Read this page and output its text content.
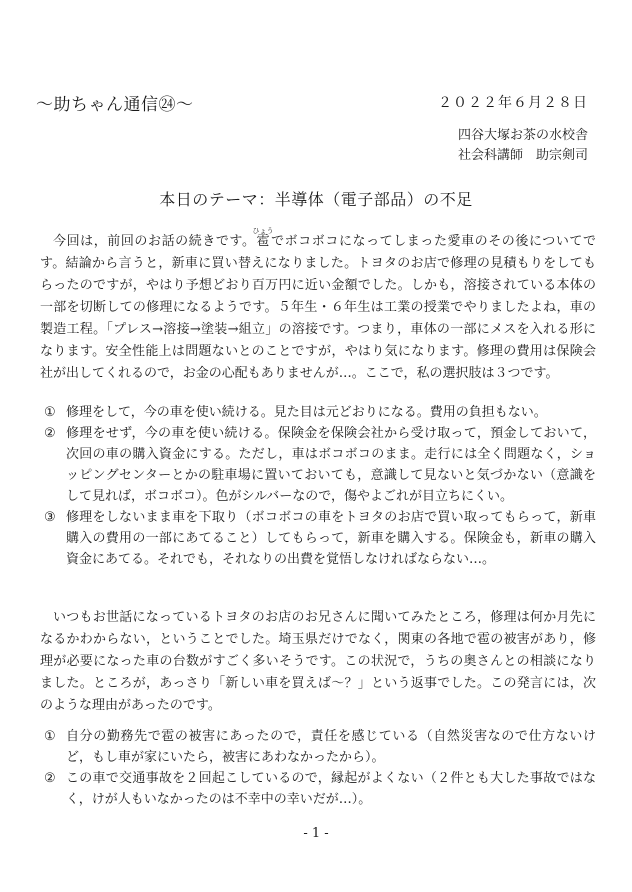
〜助ちゃん通信㉔〜	２０２２年６月２８日
四谷大塚お茶の水校舎
社会科講師　助宗剣司
本日のテーマ：半導体（電子部品）の不足
今回は，前回のお話の続きです。雹ひょうでボコボコになってしまった愛車のその後についてです。結論から言うと，新車に買い替えになりました。トヨタのお店で修理の見積もりをしてもらったのですが，やはり予想どおり百万円に近い金額でした。しかも，溶接されている本体の一部を切断しての修理になるようです。５年生・６年生は工業の授業でやりましたよね，車の製造工程。「プレス→溶接→塗装→組立」の溶接です。つまり，車体の一部にメスを入れる形になります。安全性能上は問題ないとのことですが，やはり気になります。修理の費用は保険会社が出してくれるので，お金の心配もありませんが…。ここで，私の選択肢は３つです。
① 修理をして，今の車を使い続ける。見た目は元どおりになる。費用の負担もない。
② 修理をせず，今の車を使い続ける。保険金を保険会社から受け取って，預金しておいて，次回の車の購入資金にする。ただし，車はボコボコのまま。走行には全く問題なく，ショッピングセンターとかの駐車場に置いておいても，意識して見ないと気づかない（意識をして見れば，ボコボコ）。色がシルバーなので，傷やよごれが目立ちにくい。
③ 修理をしないまま車を下取り（ボコボコの車をトヨタのお店で買い取ってもらって，新車購入の費用の一部にあてること）してもらって，新車を購入する。保険金も，新車の購入資金にあてる。それでも，それなりの出費を覚悟しなければならない…。
いつもお世話になっているトヨタのお店のお兄さんに聞いてみたところ，修理は何か月先になるかわからない，ということでした。埼玉県だけでなく，関東の各地で雹の被害があり，修理が必要になった車の台数がすごく多いそうです。この状況で，うちの奥さんとの相談になりました。ところが，あっさり「新しい車を買えば〜？」という返事でした。この発言には，次のような理由があったのです。
① 自分の勤務先で雹の被害にあったので，責任を感じている（自然災害なので仕方ないけど，もし車が家にいたら，被害にあわなかったから）。
② この車で交通事故を２回起こしているので，縁起がよくない（２件とも大した事故ではなく，けが人もいなかったのは不幸中の幸いだが…）。
- 1 -
